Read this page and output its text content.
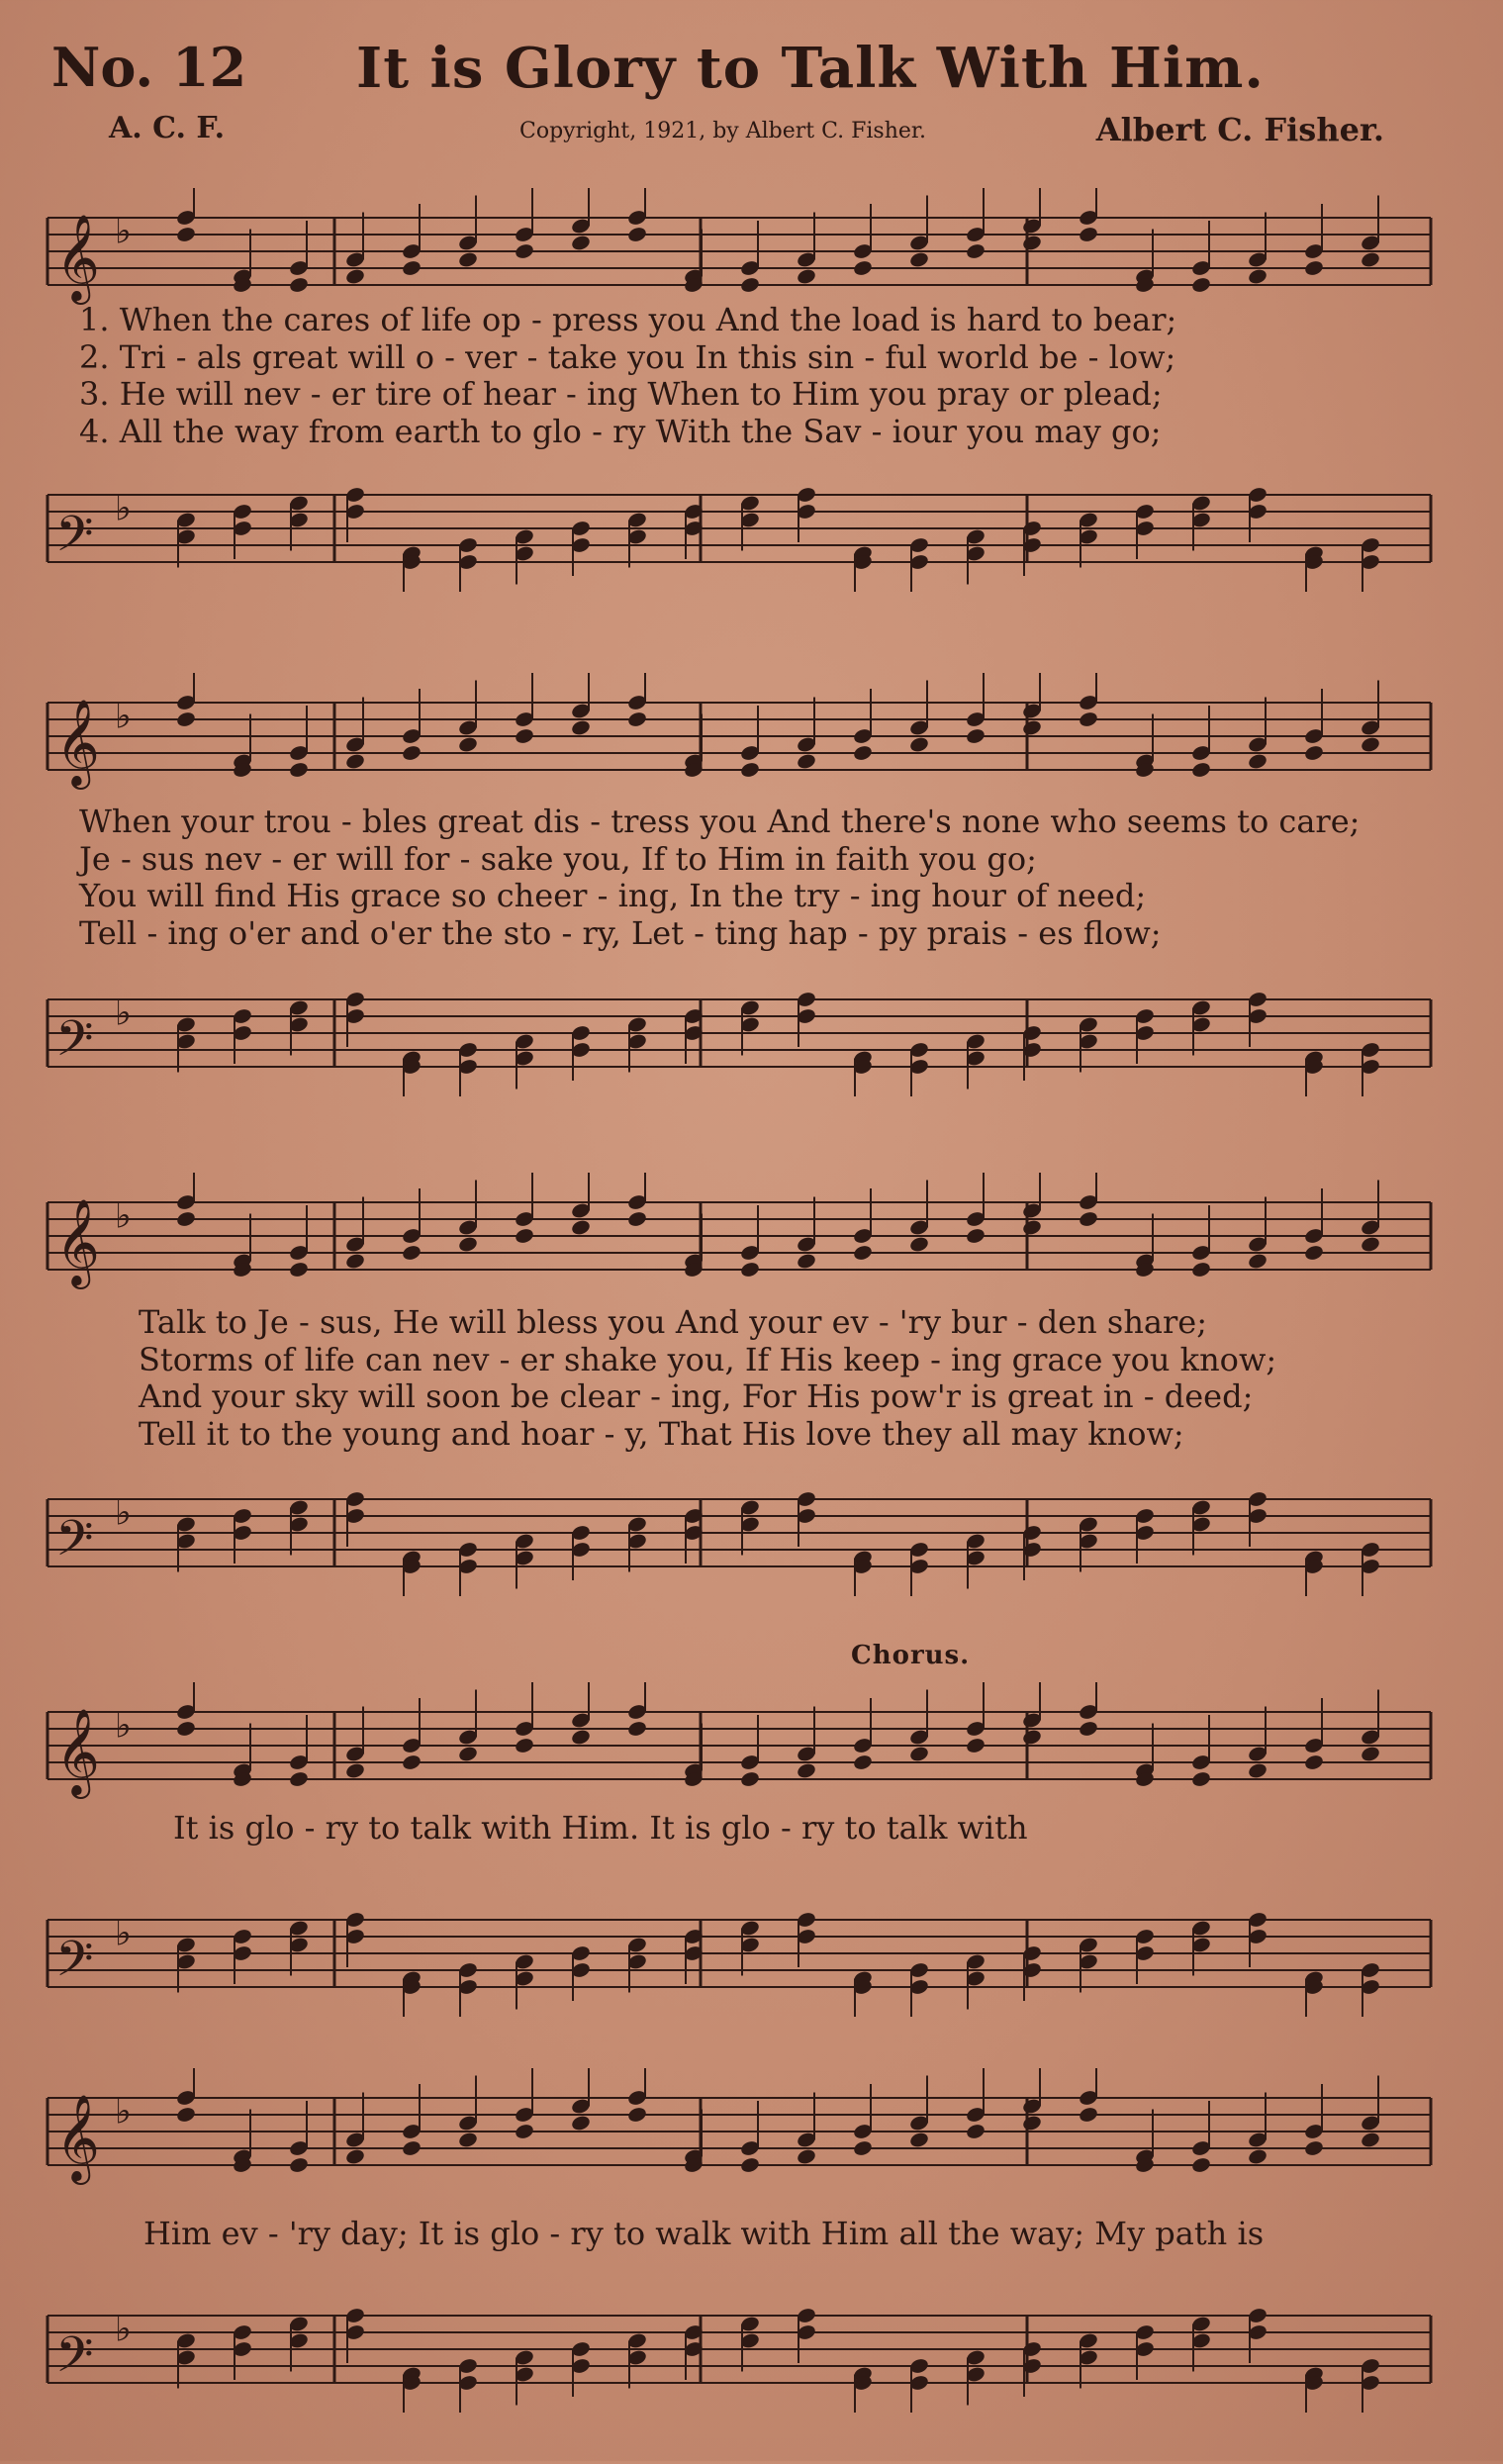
No. 12 It is Glory to Talk With Him.
A. C. F.	Copyright, 1921, by Albert C. Fisher.	Albert C. Fisher.
𝄞 ♭
𝄢 ♭
1. When the cares of life op - press you And the load is hard to bear;
2. Tri - als great will o - ver - take you In this sin - ful world be - low;
3. He will nev - er tire of hear - ing When to Him you pray or plead;
4. All the way from earth to glo - ry With the Sav - iour you may go;
𝄞 ♭
𝄢 ♭
When your trou - bles great dis - tress you And there's none who seems to care;
Je - sus nev - er will for - sake you, If to Him in faith you go;
You will find His grace so cheer - ing, In the try - ing hour of need;
Tell - ing o'er and o'er the sto - ry, Let - ting hap - py prais - es flow;
𝄞 ♭
𝄢 ♭
Talk to Je - sus, He will bless you And your ev - 'ry bur - den share;
Storms of life can nev - er shake you, If His keep - ing grace you know;
And your sky will soon be clear - ing, For His pow'r is great in - deed;
Tell it to the young and hoar - y, That His love they all may know;
Chorus.
𝄞 ♭
𝄢 ♭
It is glo - ry to talk with Him. It is glo - ry to talk with
𝄞 ♭
𝄢 ♭
Him ev - 'ry day; It is glo - ry to walk with Him all the way; My path is
